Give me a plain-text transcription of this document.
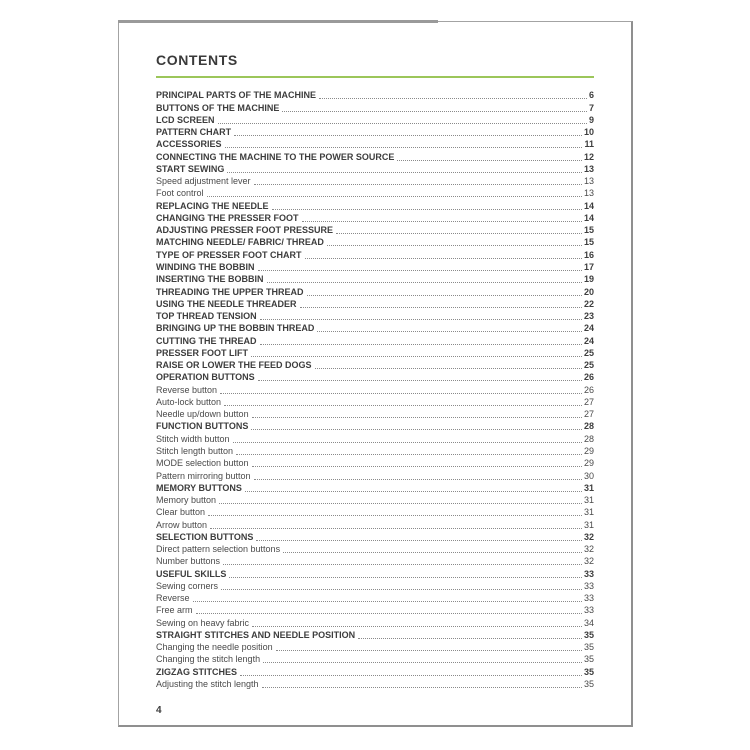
CONTENTS
PRINCIPAL PARTS OF THE MACHINE	6
BUTTONS OF THE MACHINE	7
LCD SCREEN	9
PATTERN CHART	10
ACCESSORIES	11
CONNECTING THE MACHINE TO THE POWER SOURCE	12
START SEWING	13
Speed adjustment lever	13
Foot control	13
REPLACING THE NEEDLE	14
CHANGING THE PRESSER FOOT	14
ADJUSTING PRESSER FOOT PRESSURE	15
MATCHING NEEDLE/ FABRIC/ THREAD	15
TYPE OF PRESSER FOOT CHART	16
WINDING THE BOBBIN	17
INSERTING THE BOBBIN	19
THREADING THE UPPER THREAD	20
USING THE NEEDLE THREADER	22
TOP THREAD TENSION	23
BRINGING UP THE BOBBIN THREAD	24
CUTTING THE THREAD	24
PRESSER FOOT LIFT	25
RAISE OR LOWER THE FEED DOGS	25
OPERATION BUTTONS	26
Reverse button	26
Auto-lock button	27
Needle up/down button	27
FUNCTION BUTTONS	28
Stitch width button	28
Stitch length button	29
MODE selection button	29
Pattern mirroring button	30
MEMORY BUTTONS	31
Memory button	31
Clear button	31
Arrow button	31
SELECTION BUTTONS	32
Direct pattern selection buttons	32
Number buttons	32
USEFUL SKILLS	33
Sewing corners	33
Reverse	33
Free arm	33
Sewing on heavy fabric	34
STRAIGHT STITCHES AND NEEDLE POSITION	35
Changing the needle position	35
Changing the stitch length	35
ZIGZAG STITCHES	35
Adjusting the stitch length	35
4
